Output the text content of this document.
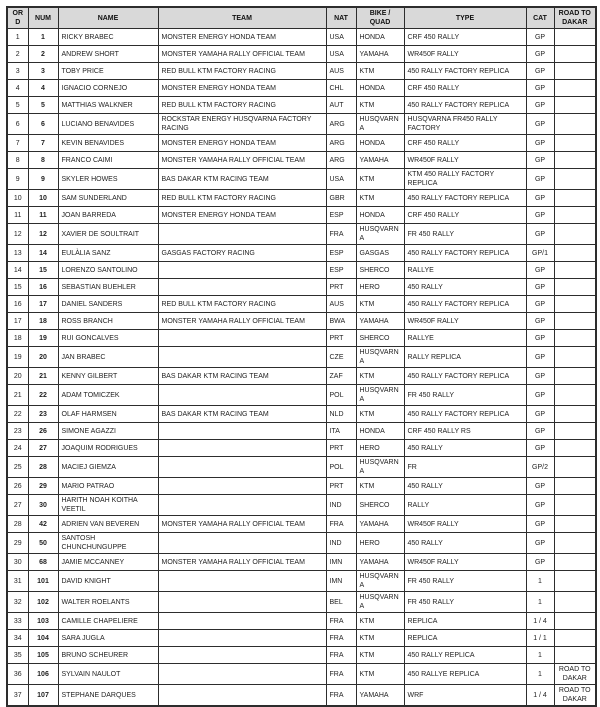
ORD	NUM	NAME	TEAM	NAT	BIKE / QUAD	TYPE	CAT	ROAD TO DAKAR
1	1	RICKY BRABEC	MONSTER ENERGY HONDA TEAM	USA	HONDA	CRF 450 RALLY	GP	
2	2	ANDREW SHORT	MONSTER YAMAHA RALLY OFFICIAL TEAM	USA	YAMAHA	WR450F RALLY	GP	
3	3	TOBY PRICE	RED BULL KTM FACTORY RACING	AUS	KTM	450 RALLY FACTORY REPLICA	GP	
4	4	IGNACIO CORNEJO	MONSTER ENERGY HONDA TEAM	CHL	HONDA	CRF 450 RALLY	GP	
5	5	MATTHIAS WALKNER	RED BULL KTM FACTORY RACING	AUT	KTM	450 RALLY FACTORY REPLICA	GP	
6	6	LUCIANO BENAVIDES	ROCKSTAR ENERGY HUSQVARNA FACTORY RACING	ARG	HUSQVARNA	HUSQVARNA FR450 RALLY FACTORY	GP	
7	7	KEVIN BENAVIDES	MONSTER ENERGY HONDA TEAM	ARG	HONDA	CRF 450 RALLY	GP	
8	8	FRANCO CAIMI	MONSTER YAMAHA RALLY OFFICIAL TEAM	ARG	YAMAHA	WR450F RALLY	GP	
9	9	SKYLER HOWES	BAS DAKAR KTM RACING TEAM	USA	KTM	KTM 450 RALLY FACTORY REPLICA	GP	
10	10	SAM SUNDERLAND	RED BULL KTM FACTORY RACING	GBR	KTM	450 RALLY FACTORY REPLICA	GP	
11	11	JOAN BARREDA	MONSTER ENERGY HONDA TEAM	ESP	HONDA	CRF 450 RALLY	GP	
12	12	XAVIER DE SOULTRAIT		FRA	HUSQVARNA	FR 450 RALLY	GP	
13	14	EULÀLIA SANZ	GASGAS FACTORY RACING	ESP	GASGAS	450 RALLY FACTORY REPLICA	GP/1	
14	15	LORENZO SANTOLINO		ESP	SHERCO	RALLYE	GP	
15	16	SEBASTIAN BUEHLER		PRT	HERO	450 RALLY	GP	
16	17	DANIEL SANDERS	RED BULL KTM FACTORY RACING	AUS	KTM	450 RALLY FACTORY REPLICA	GP	
17	18	ROSS BRANCH	MONSTER YAMAHA RALLY OFFICIAL TEAM	BWA	YAMAHA	WR450F RALLY	GP	
18	19	RUI GONCALVES		PRT	SHERCO	RALLYE	GP	
19	20	JAN BRABEC		CZE	HUSQVARNA	RALLY REPLICA	GP	
20	21	KENNY GILBERT	BAS DAKAR KTM RACING TEAM	ZAF	KTM	450 RALLY FACTORY REPLICA	GP	
21	22	ADAM TOMICZEK		POL	HUSQVARNA	FR 450 RALLY	GP	
22	23	OLAF HARMSEN	BAS DAKAR KTM RACING TEAM	NLD	KTM	450 RALLY FACTORY REPLICA	GP	
23	26	SIMONE AGAZZI		ITA	HONDA	CRF 450 RALLY RS	GP	
24	27	JOAQUIM RODRIGUES		PRT	HERO	450 RALLY	GP	
25	28	MACIEJ GIEMZA		POL	HUSQVARNA	FR	GP/2	
26	29	MARIO PATRAO		PRT	KTM	450 RALLY	GP	
27	30	HARITH NOAH KOITHA VEETIL		IND	SHERCO	RALLY	GP	
28	42	ADRIEN VAN BEVEREN	MONSTER YAMAHA RALLY OFFICIAL TEAM	FRA	YAMAHA	WR450F RALLY	GP	
29	50	SANTOSH CHUNCHUNGUPPE		IND	HERO	450 RALLY	GP	
30	68	JAMIE MCCANNEY	MONSTER YAMAHA RALLY OFFICIAL TEAM	IMN	YAMAHA	WR450F RALLY	GP	
31	101	DAVID KNIGHT		IMN	HUSQVARNA	FR 450 RALLY	1	
32	102	WALTER ROELANTS		BEL	HUSQVARNA	FR 450 RALLY	1	
33	103	CAMILLE CHAPELIERE		FRA	KTM	REPLICA	1 / 4	
34	104	SARA JUGLA		FRA	KTM	REPLICA	1 / 1	
35	105	BRUNO SCHEURER		FRA	KTM	450 RALLY REPLICA	1	
36	106	SYLVAIN NAULOT		FRA	KTM	450 RALLYE REPLICA	1	ROAD TO DAKAR
37	107	STEPHANE DARQUES		FRA	YAMAHA	WRF	1 / 4	ROAD TO DAKAR
